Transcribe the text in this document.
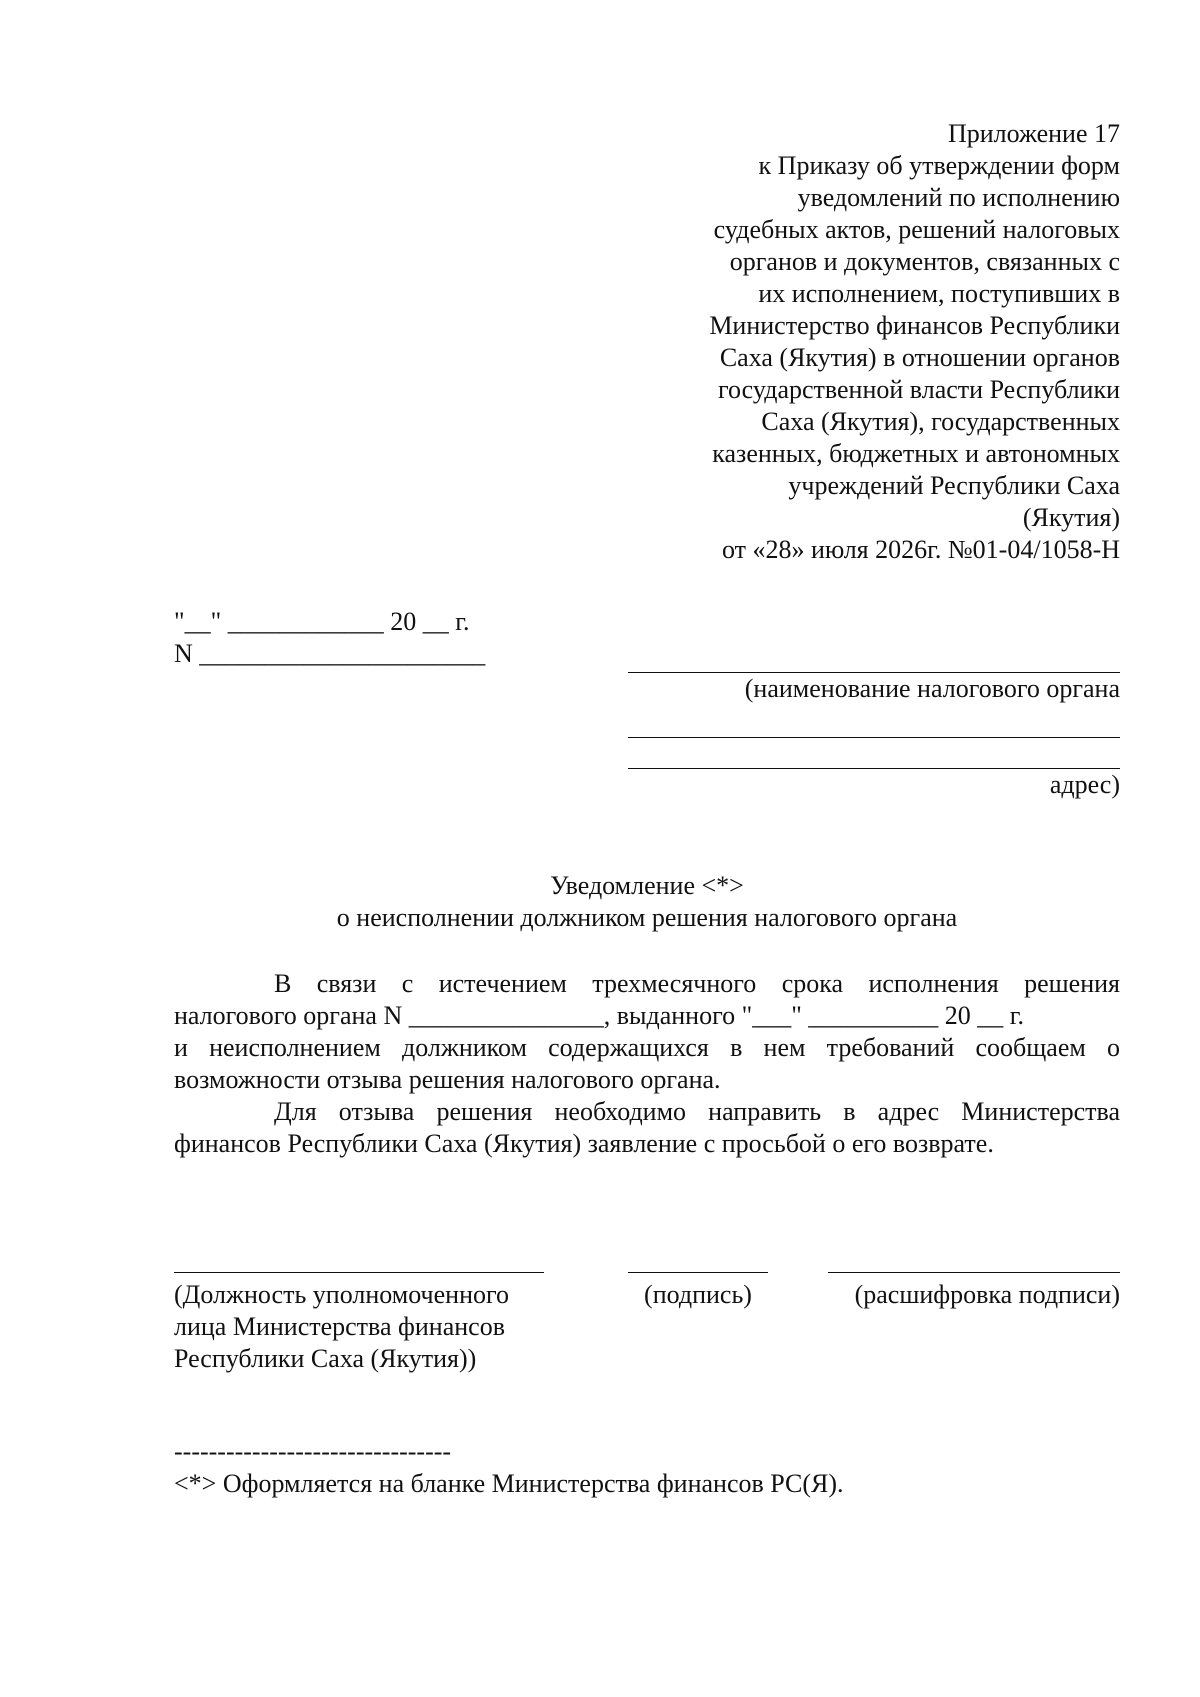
Приложение 17
к Приказу об утверждении форм
уведомлений по исполнению
судебных актов, решений налоговых
органов и документов, связанных с
их исполнением, поступивших в
Министерство финансов Республики
Саха (Якутия) в отношении органов
государственной власти Республики
Саха (Якутия), государственных
казенных, бюджетных и автономных
учреждений Республики Саха
(Якутия)
от «28» июля 2026г. №01-04/1058-Н
"__" ____________ 20 __ г.
N ______________________
(наименование налогового органа
адрес)
Уведомление <*>
о неисполнении должником решения налогового органа

В связи с истечением трехмесячного срока исполнения решения

налогового органа N _______________, выданного "___" __________ 20 __ г.

и неисполнением должником содержащихся в нем требований сообщаем о

возможности отзыва решения налогового органа.

Для отзыва решения необходимо направить в адрес Министерства

финансов Республики Саха (Якутия) заявление с просьбой о его возврате.

(Должность уполномоченного
лица Министерства финансов
Республики Саха (Якутия))
(подпись)	(расшифровка подписи)
--------------------------------
<*> Оформляется на бланке Министерства финансов РС(Я).
